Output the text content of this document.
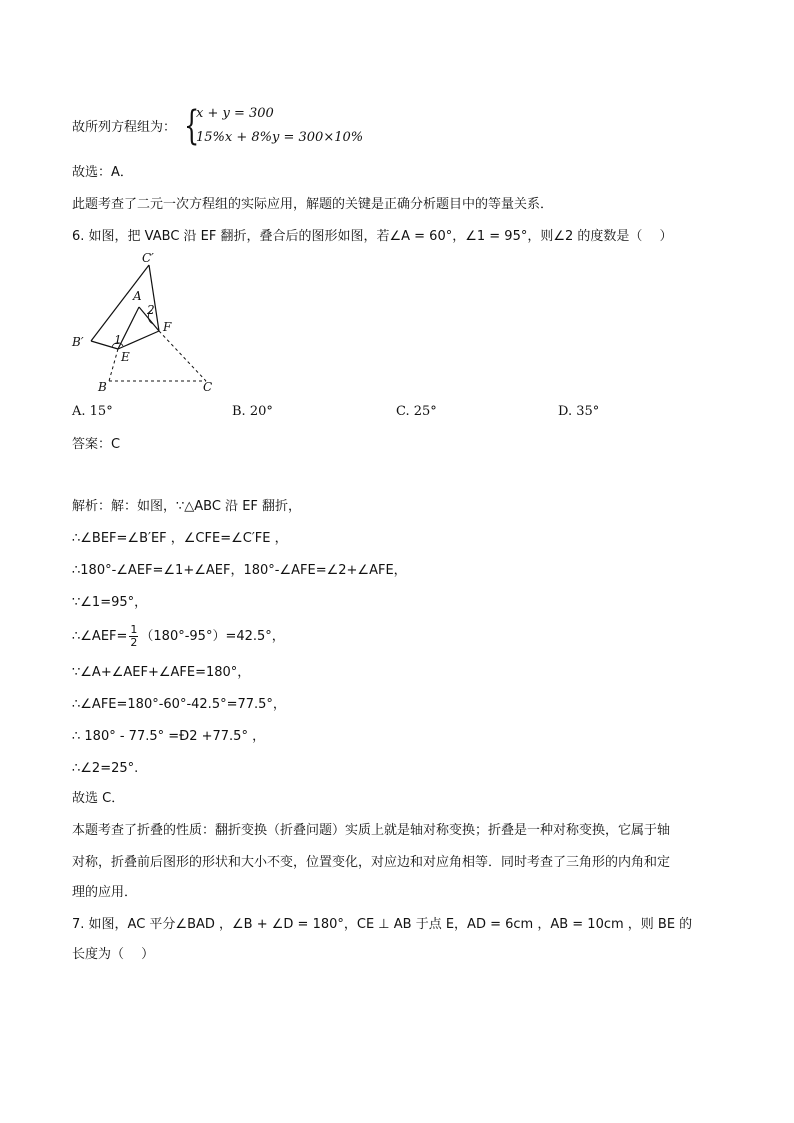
故所列方程组为： {
x + y = 300
15%x + 8%y = 300×10%
故选：A．
此题考查了二元一次方程组的实际应用，解题的关键是正确分析题目中的等量关系．
6. 如图，把 VABC 沿 EF 翻折，叠合后的图形如图，若∠A = 60°，∠1 = 95°，则∠2 的度数是（　 ）
C′
A
2
F
B′	1
E
B	C
A. 15°	B. 20°	C. 25°	D. 35°
答案：C
解析：解：如图，∵△ABC 沿 EF 翻折，
∴∠BEF=∠B′EF ，∠CFE=∠C′FE ，
∴180°-∠AEF=∠1+∠AEF，180°-∠AFE=∠2+∠AFE，
∵∠1=95°，
∴∠AEF= $\frac{1}{2} (180^\circ-95^\circ)=42.5^\circ$，
∵∠A+∠AEF+∠AFE=180°，
∴∠AFE=180°-60°-42.5°=77.5°，
∴ 180° - 77.5° =Ð2 +77.5° ，
∴∠2=25°.
故选 C．
本题考查了折叠的性质：翻折变换（折叠问题）实质上就是轴对称变换；折叠是一种对称变换，它属于轴
对称，折叠前后图形的形状和大小不变，位置变化，对应边和对应角相等．同时考查了三角形的内角和定
理的应用．
7. 如图，AC 平分∠BAD ，∠B + ∠D = 180°，CE ⊥ AB 于点 E，AD = 6cm ，AB = 10cm ，则 BE 的
长度为（　 ）
